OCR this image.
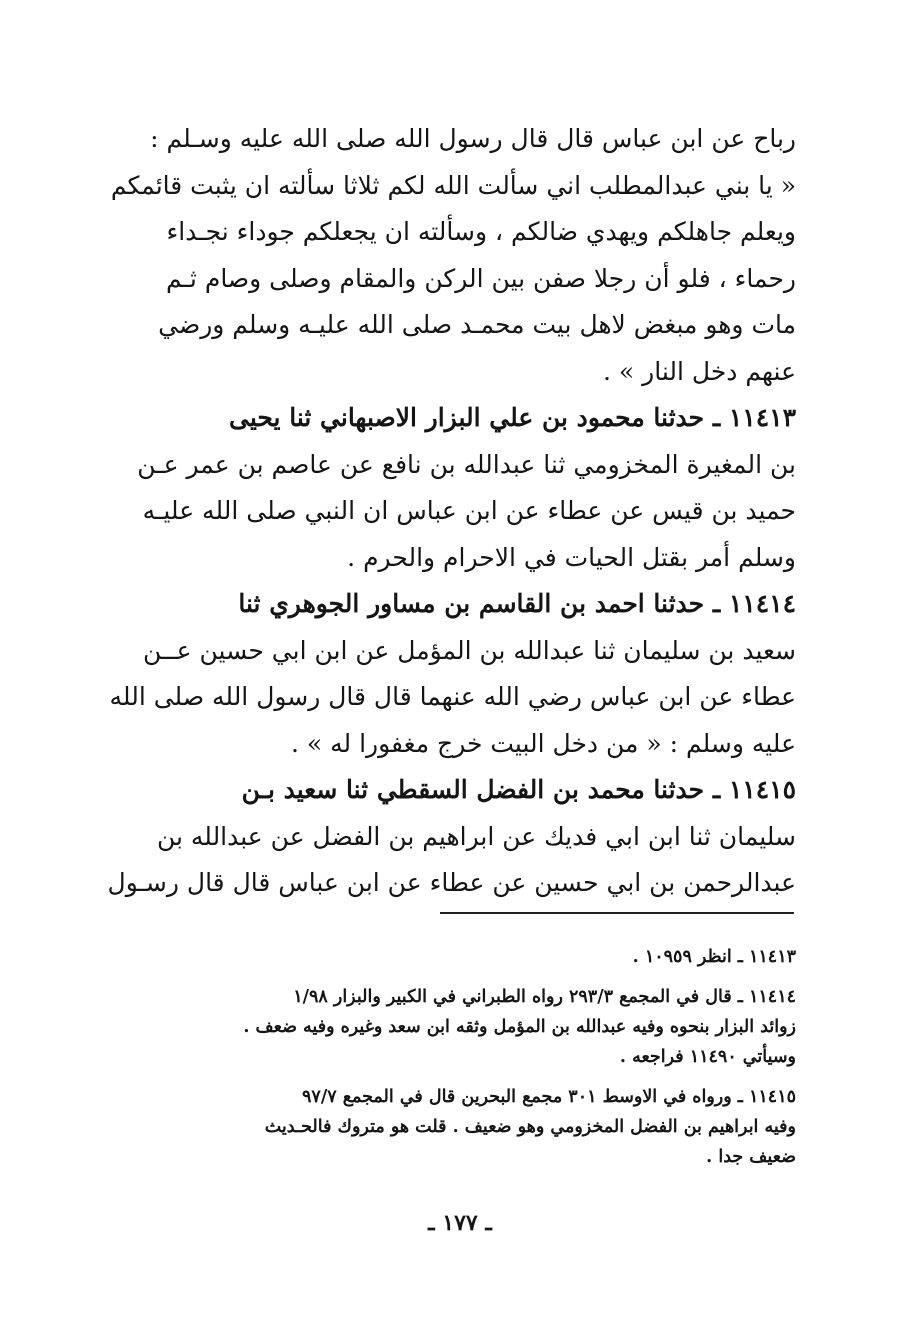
رباح عن ابن عباس قال قال رسول الله صلى الله عليه وسـلم :
« يا بني عبدالمطلب اني سألت الله لكم ثلاثا سألته ان يثبت قائمكم
ويعلم جاهلكم ويهدي ضالكم ، وسألته ان يجعلكم جوداء نجـداء
رحماء ، فلو أن رجلا صفن بين الركن والمقام وصلى وصام ثـم
مات وهو مبغض لاهل بيت محمـد صلى الله عليـه وسلم ورضي
عنهم دخل النار » .
١١٤١٣ ـ حدثنا محمود بن علي البزار الاصبهاني ثنا يحيى
بن المغيرة المخزومي ثنا عبدالله بن نافع عن عاصم بن عمر عـن
حميد بن قيس عن عطاء عن ابن عباس ان النبي صلى الله عليـه
وسلم أمر بقتل الحيات في الاحرام والحرم .
١١٤١٤ ـ حدثنا احمد بن القاسم بن مساور الجوهري ثنا
سعيد بن سليمان ثنا عبدالله بن المؤمل عن ابن ابي حسين عــن
عطاء عن ابن عباس رضي الله عنهما قال قال رسول الله صلى الله
عليه وسلم : « من دخل البيت خرج مغفورا له » .
١١٤١٥ ـ حدثنا محمد بن الفضل السقطي ثنا سعيد بـن
سليمان ثنا ابن ابي فديك عن ابراهيم بن الفضل عن عبدالله بن
عبدالرحمن بن ابي حسين عن عطاء عن ابن عباس قال قال رسـول
١١٤١٣ ـ انظر ١٠٩٥٩ .
١١٤١٤ ـ قال في المجمع ٢٩٣/٣ رواه الطبراني في الكبير والبزار ١/٩٨
زوائد البزار بنحوه وفيه عبدالله بن المؤمل وثقه ابن سعد وغيره وفيه ضعف .
وسيأتي ١١٤٩٠ فراجعه .
١١٤١٥ ـ ورواه في الاوسط ٣٠١ مجمع البحرين قال في المجمع ٩٧/٧
وفيه ابراهيم بن الفضل المخزومي وهو ضعيف . قلت هو متروك فالحـديث
ضعيف جدا .
ـ ١٧٧ ـ
